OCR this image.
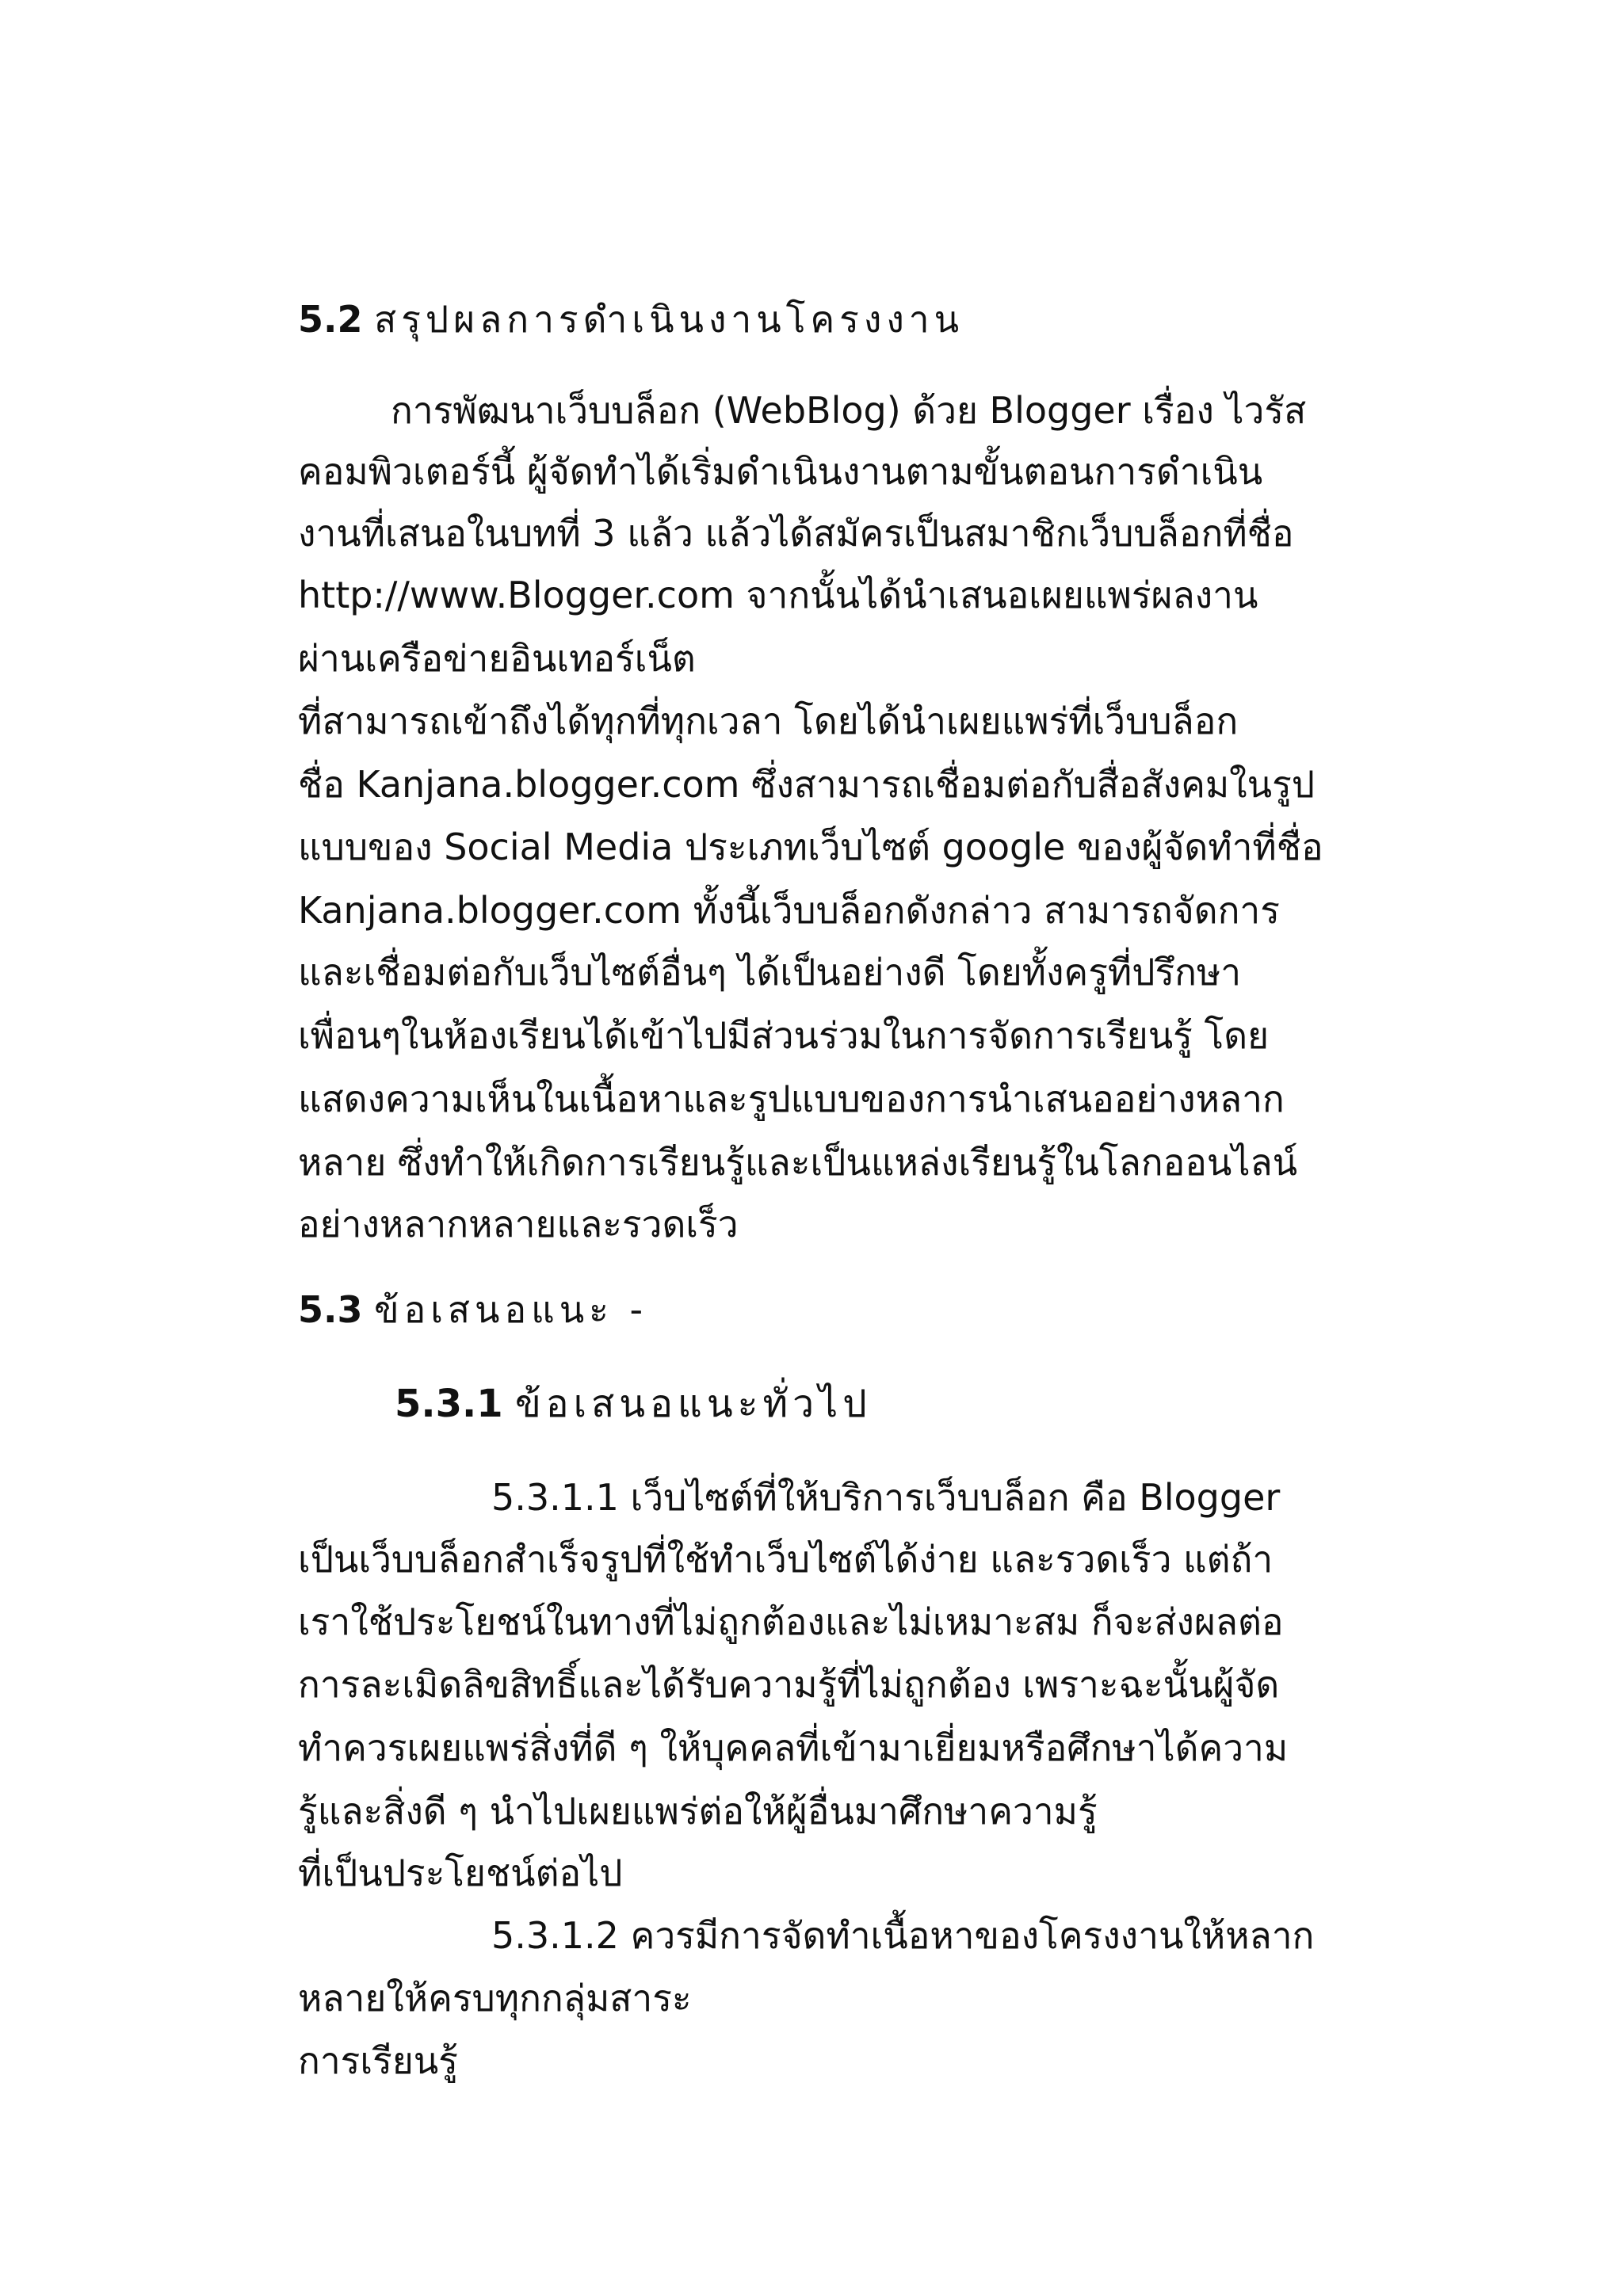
5.2 สรุปผลการดำเนินงานโครงงาน
การพัฒนาเว็บบล็อก (WebBlog) ด้วย Blogger เรื่อง ไวรัส
คอมพิวเตอร์นี้ ผู้จัดทำได้เริ่มดำเนินงานตามขั้นตอนการดำเนิน
งานที่เสนอในบทที่ 3 แล้ว แล้วได้สมัครเป็นสมาชิกเว็บบล็อกที่ชื่อ
http://www.Blogger.com จากนั้นได้นำเสนอเผยแพร่ผลงาน
ผ่านเครือข่ายอินเทอร์เน็ต
ที่สามารถเข้าถึงได้ทุกที่ทุกเวลา โดยได้นำเผยแพร่ที่เว็บบล็อก
ชื่อ Kanjana.blogger.com ซึ่งสามารถเชื่อมต่อกับสื่อสังคมในรูป
แบบของ Social Media ประเภทเว็บไซต์ google ของผู้จัดทำที่ชื่อ
Kanjana.blogger.com ทั้งนี้เว็บบล็อกดังกล่าว สามารถจัดการ
และเชื่อมต่อกับเว็บไซต์อื่นๆ ได้เป็นอย่างดี โดยทั้งครูที่ปรึกษา
เพื่อนๆในห้องเรียนได้เข้าไปมีส่วนร่วมในการจัดการเรียนรู้ โดย
แสดงความเห็นในเนื้อหาและรูปแบบของการนำเสนออย่างหลาก
หลาย ซึ่งทำให้เกิดการเรียนรู้และเป็นแหล่งเรียนรู้ในโลกออนไลน์
อย่างหลากหลายและรวดเร็ว
5.3 ข้อเสนอแนะ -
5.3.1 ข้อเสนอแนะทั่วไป
5.3.1.1 เว็บไซต์ที่ให้บริการเว็บบล็อก คือ Blogger
เป็นเว็บบล็อกสำเร็จรูปที่ใช้ทำเว็บไซต์ได้ง่าย และรวดเร็ว แต่ถ้า
เราใช้ประโยชน์ในทางที่ไม่ถูกต้องและไม่เหมาะสม ก็จะส่งผลต่อ
การละเมิดลิขสิทธิ์และได้รับความรู้ที่ไม่ถูกต้อง เพราะฉะนั้นผู้จัด
ทำควรเผยแพร่สิ่งที่ดี ๆ ให้บุคคลที่เข้ามาเยี่ยมหรือศึกษาได้ความ
รู้และสิ่งดี ๆ นำไปเผยแพร่ต่อให้ผู้อื่นมาศึกษาความรู้
ที่เป็นประโยชน์ต่อไป
5.3.1.2 ควรมีการจัดทำเนื้อหาของโครงงานให้หลาก
หลายให้ครบทุกกลุ่มสาระ
การเรียนรู้
